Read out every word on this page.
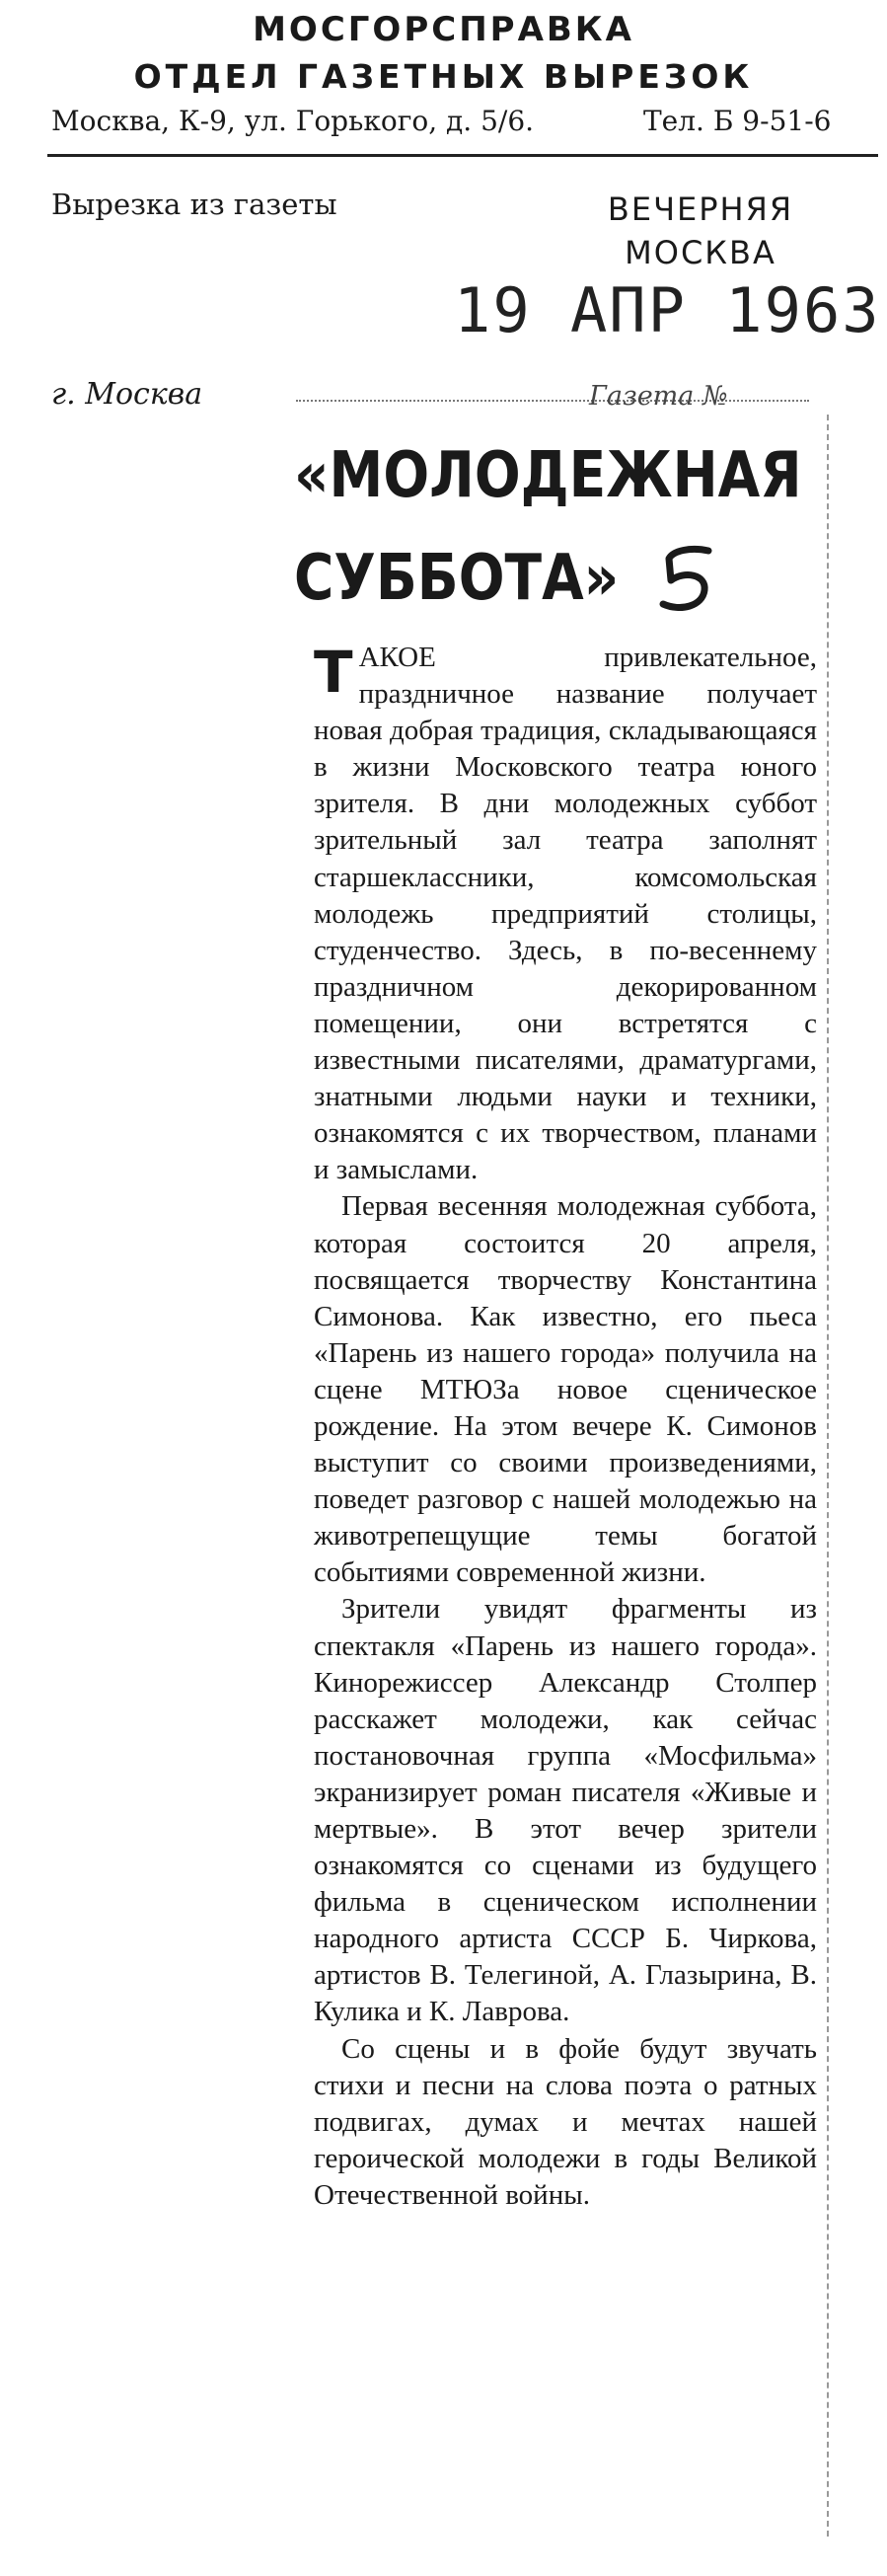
МОСГОРСПРАВКА
ОТДЕЛ ГАЗЕТНЫХ ВЫРЕЗОК
Москва, К-9, ул. Горького, д. 5/6.	Тел. Б 9-51-6
Вырезка из газеты	ВЕЧЕРНЯЯ
МОСКВА
19 АПР 1963
г. Москва	Газета №
«МОЛОДЕЖНАЯ
СУББОТА»

ТАКОЕ привлекательное, праздничное название получает новая добрая традиция, складывающаяся в жизни Московского театра юного зрителя. В дни молодежных суббот зрительный зал театра заполнят старшеклассники, комсомольская молодежь предприятий столицы, студенчество. Здесь, в по-весеннему праздничном декорированном помещении, они встретятся с известными писателями, драматургами, знатными людьми науки и техники, ознакомятся с их творчеством, планами и замыслами.

Первая весенняя молодежная суббота, которая состоится 20 апреля, посвящается творчеству Константина Симонова. Как известно, его пьеса «Парень из нашего города» получила на сцене МТЮЗа новое сценическое рождение. На этом вечере К. Симонов выступит со своими произведениями, поведет разговор с нашей молодежью на животрепещущие темы богатой событиями современной жизни.

Зрители увидят фрагменты из спектакля «Парень из нашего города». Кинорежиссер Александр Столпер расскажет молодежи, как сейчас постановочная группа «Мосфильма» экранизирует роман писателя «Живые и мертвые». В этот вечер зрители ознакомятся со сценами из будущего фильма в сценическом исполнении народного артиста СССР Б. Чиркова, артистов В. Телегиной, А. Глазырина, В. Кулика и К. Лаврова.

Со сцены и в фойе будут звучать стихи и песни на слова поэта о ратных подвигах, думах и мечтах нашей героической молодежи в годы Великой Отечественной войны.
